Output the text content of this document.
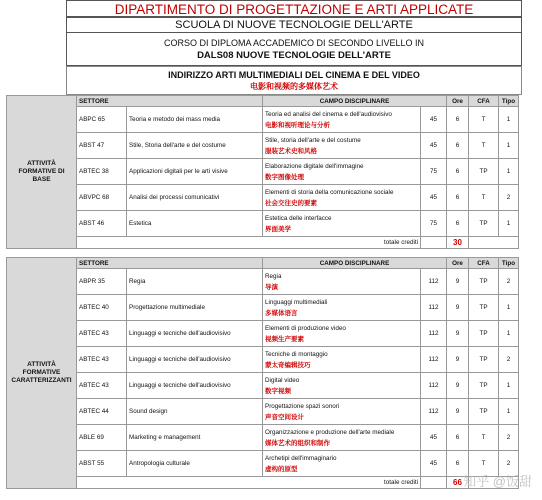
DIPARTIMENTO DI PROGETTAZIONE E ARTI APPLICATE
SCUOLA DI NUOVE TECNOLOGIE DELL'ARTE
CORSO DI DIPLOMA ACCADEMICO DI SECONDO LIVELLO IN
DALS08 NUOVE TECNOLOGIE DELL'ARTE
INDIRIZZO ARTI MULTIMEDIALI DEL CINEMA E DEL VIDEO
电影和视频的多媒体艺术
ATTIVITÀ FORMATIVE DI BASE	SETTORE		CAMPO DISCIPLINARE		Ore	CFA	Tipo	
	ABPC 65	Teoria e metodo dei mass media	Teoria ed analisi del cinema e dell'audiovisivo
电影和视听理论与分析	45	6	T	1	
	ABST 47	Stile, Storia dell'arte e del costume	Stile, storia dell'arte e del costume
服装艺术史和风格	45	6	T	1	
	ABTEC 38	Applicazioni digitali per le arti visive	Elaborazione digitale dell'immagine
数字图像处理	75	6	TP	1	
	ABVPC 68	Analisi dei processi comunicativi	Elementi di storia della comunicazione sociale
社会交往史的要素	45	6	T	2	
	ABST 46	Estetica	Estetica delle interfacce
界面美学	75	6	TP	1	
	totale crediti				30			
ATTIVITÀ FORMATIVE CARATTERIZZANTI	SETTORE		CAMPO DISCIPLINARE		Ore	CFA	Tipo	
	ABPR 35	Regia	Regia
导演	112	9	TP	2	
	ABTEC 40	Progettazione multimediale	Linguaggi multimediali
多媒体语言	112	9	TP	1	
	ABTEC 43	Linguaggi e tecniche dell'audiovisivo	Elementi di produzione video
视频生产要素	112	9	TP	1	
	ABTEC 43	Linguaggi e tecniche dell'audiovisivo	Tecniche di montaggio
蒙太奇编辑技巧	112	9	TP	2	
	ABTEC 43	Linguaggi e tecniche dell'audiovisivo	Digital video
数字视频	112	9	TP	1	
	ABTEC 44	Sound design	Progettazione spazi sonori
声音空间设计	112	9	TP	1	
	ABLE 69	Marketing e management	Organizzazione e produzione dell'arte mediale
媒体艺术的组织和制作	45	6	T	2	
	ABST 55	Antropologia culturale	Archetipi dell'immaginario
虚构的原型	45	6	T	2	
	totale crediti				66			知乎 @饭甜
